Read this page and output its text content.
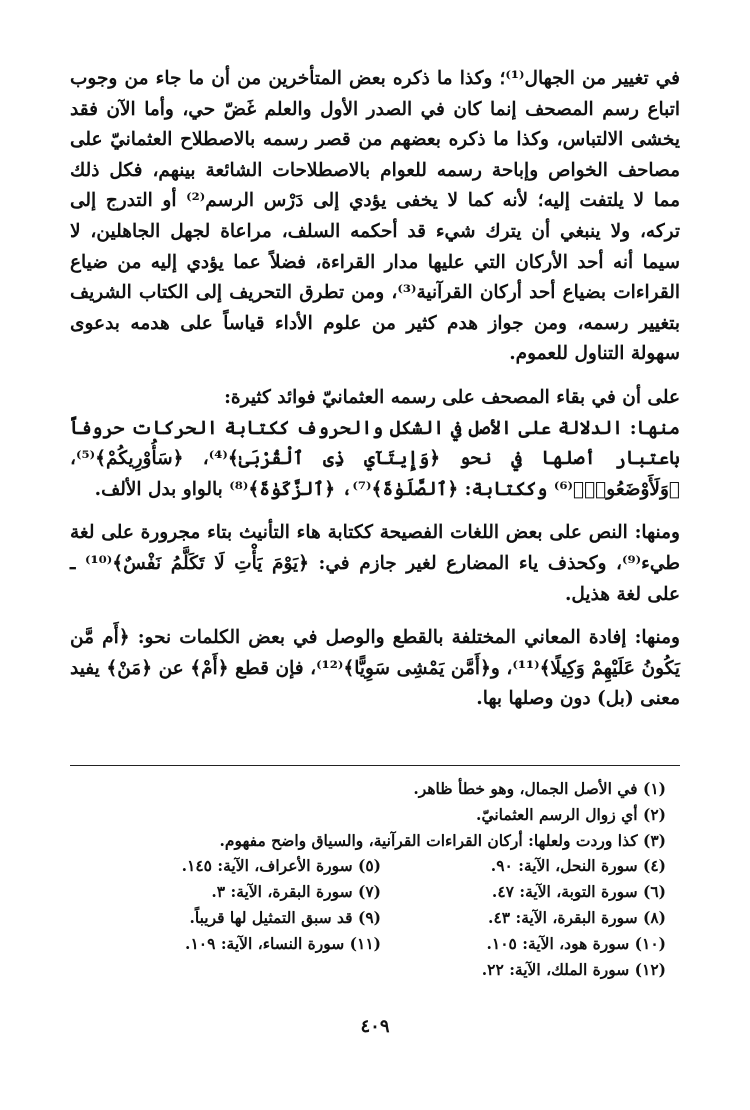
في تغيير من الجهال⁽¹⁾؛ وكذا ما ذكره بعض المتأخرين من أن ما جاء من وجوب اتباع رسم المصحف إنما كان في الصدر الأول والعلم غَضّ حي، وأما الآن فقد يخشى الالتباس، وكذا ما ذكره بعضهم من قصر رسمه بالاصطلاح العثمانيّ على مصاحف الخواص وإباحة رسمه للعوام بالاصطلاحات الشائعة بينهم، فكل ذلك مما لا يلتفت إليه؛ لأنه كما لا يخفى يؤدي إلى دَرْس الرسم⁽²⁾ أو التدرج إلى تركه، ولا ينبغي أن يترك شيء قد أحكمه السلف، مراعاة لجهل الجاهلين، لا سيما أنه أحد الأركان التي عليها مدار القراءة، فضلاً عما يؤدي إليه من ضياع القراءات بضياع أحد أركان القرآنية⁽³⁾، ومن تطرق التحريف إلى الكتاب الشريف بتغيير رسمه، ومن جواز هدم كثير من علوم الأداء قياساً على هدمه بدعوى سهولة التناول للعموم.

على أن في بقاء المصحف على رسمه العثمانيّ فوائد كثيرة:

منها: الدلالة على الأصل في الشكل والحروف ككتابة الحركات حروفاً باعتبار أصلها في نحو ﴿وَإِيتَآيِ ذِى ٱلْقُرْبَىٰ﴾⁽⁴⁾، ﴿سَأُوْرِيكُمْ﴾⁽⁵⁾، ﴿وَلَأَوْضَعُوا۟﴾⁽⁶⁾ وككتابة: ﴿ٱلصَّلَوٰةَ﴾⁽⁷⁾، ﴿ٱلزَّكَوٰةَ﴾⁽⁸⁾ بالواو بدل الألف.

ومنها: النص على بعض اللغات الفصيحة ككتابة هاء التأنيث بتاء مجرورة على لغة طيء⁽⁹⁾، وكحذف ياء المضارع لغير جازم في: ﴿يَوْمَ يَأْتِ لَا تَكَلَّمُ نَفْسٌ﴾⁽¹⁰⁾ ـ على لغة هذيل.

ومنها: إفادة المعاني المختلفة بالقطع والوصل في بعض الكلمات نحو: ﴿أَم مَّن يَكُونُ عَلَيْهِمْ وَكِيلًا﴾⁽¹¹⁾، و﴿أَمَّن يَمْشِى سَوِيًّا﴾⁽¹²⁾، فإن قطع ﴿أَمْ﴾ عن ﴿مَنْ﴾ يفيد معنى (بل) دون وصلها بها.

(١) في الأصل الجمال، وهو خطأ ظاهر.
(٢) أي زوال الرسم العثمانيّ.
(٣) كذا وردت ولعلها: أركان القراءات القرآنية، والسياق واضح مفهوم.
(٤) سورة النحل، الآية: ٩٠.
(٥) سورة الأعراف، الآية: ١٤٥.
(٦) سورة التوبة، الآية: ٤٧.
(٧) سورة البقرة، الآية: ٣.
(٨) سورة البقرة، الآية: ٤٣.
(٩) قد سبق التمثيل لها قريباً.
(١٠) سورة هود، الآية: ١٠٥.
(١١) سورة النساء، الآية: ١٠٩.
(١٢) سورة الملك، الآية: ٢٢.
٤٠٩
